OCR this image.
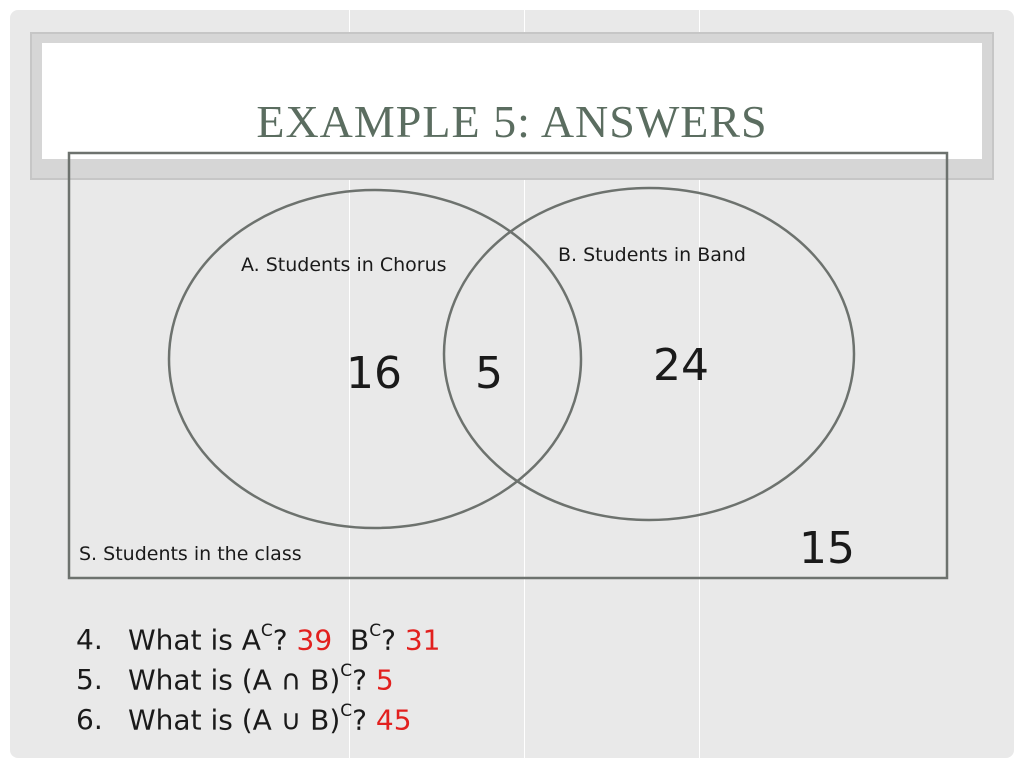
EXAMPLE 5: ANSWERS
A. Students in Chorus	B. Students in Band
S. Students in the class
16 5	24
15
4. What is $A^C$? 39 $B^C$? 31
5. What is (A ∩ B)$^C$? 5
6. What is (A ∪ B)$^C$? 45
